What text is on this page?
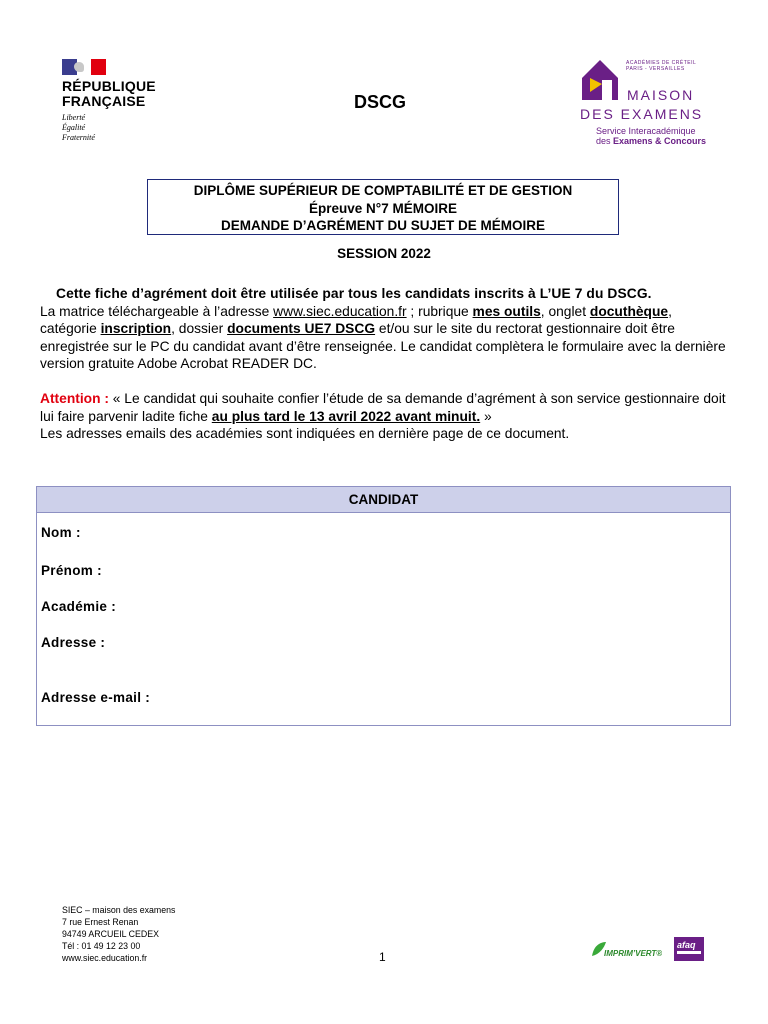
RÉPUBLIQUE
FRANÇAISE
Liberté
Égalité
Fraternité
DSCG
ACADÉMIES DE CRÉTEIL
PARIS - VERSAILLES
MAISON
DES EXAMENS
Service Interacadémique
des Examens & Concours
DIPLÔME SUPÉRIEUR DE COMPTABILITÉ ET DE GESTION
Épreuve N°7 MÉMOIRE
DEMANDE D’AGRÉMENT DU SUJET DE MÉMOIRE
SESSION 2022
Cette fiche d’agrément doit être utilisée par tous les candidats inscrits à L’UE 7 du DSCG.
La matrice téléchargeable à l’adresse www.siec.education.fr ; rubrique mes outils, onglet docuthèque, catégorie inscription, dossier documents UE7 DSCG et/ou sur le site du rectorat gestionnaire doit être enregistrée sur le PC du candidat avant d’être renseignée. Le candidat complètera le formulaire avec la dernière version gratuite Adobe Acrobat READER DC.
Attention : « Le candidat qui souhaite confier l’étude de sa demande d’agrément à son service gestionnaire doit lui faire parvenir ladite fiche au plus tard le 13 avril 2022 avant minuit. »
Les adresses emails des académies sont indiquées en dernière page de ce document.
CANDIDAT
Nom :
Prénom :
Académie :
Adresse :
Adresse e-mail :
SIEC – maison des examens
7 rue Ernest Renan
94749 ARCUEIL CEDEX
Tél : 01 49 12 23 00
www.siec.education.fr	1	IMPRIM’VERT®
afaq
